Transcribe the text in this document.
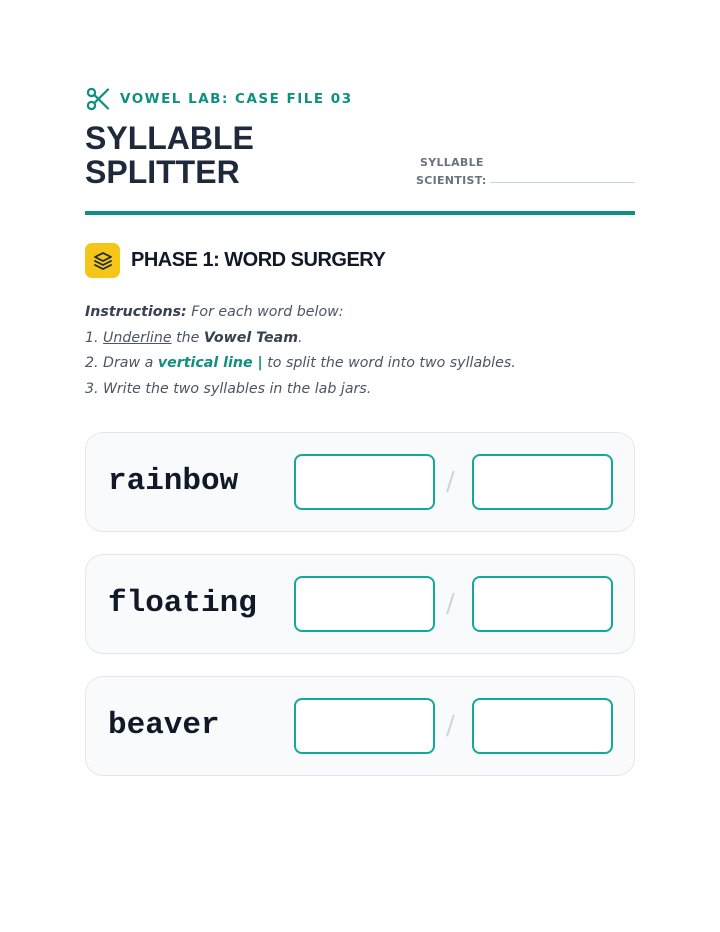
VOWEL LAB: CASE FILE 03
SYLLABLE
SPLITTER	SYLLABLE
SCIENTIST:
PHASE 1: WORD SURGERY

Instructions: For each word below:

1. Underline the Vowel Team.

2. Draw a vertical line | to split the word into two syllables.

3. Write the two syllables in the lab jars.

rainbow	/
floating	/
beaver	/
